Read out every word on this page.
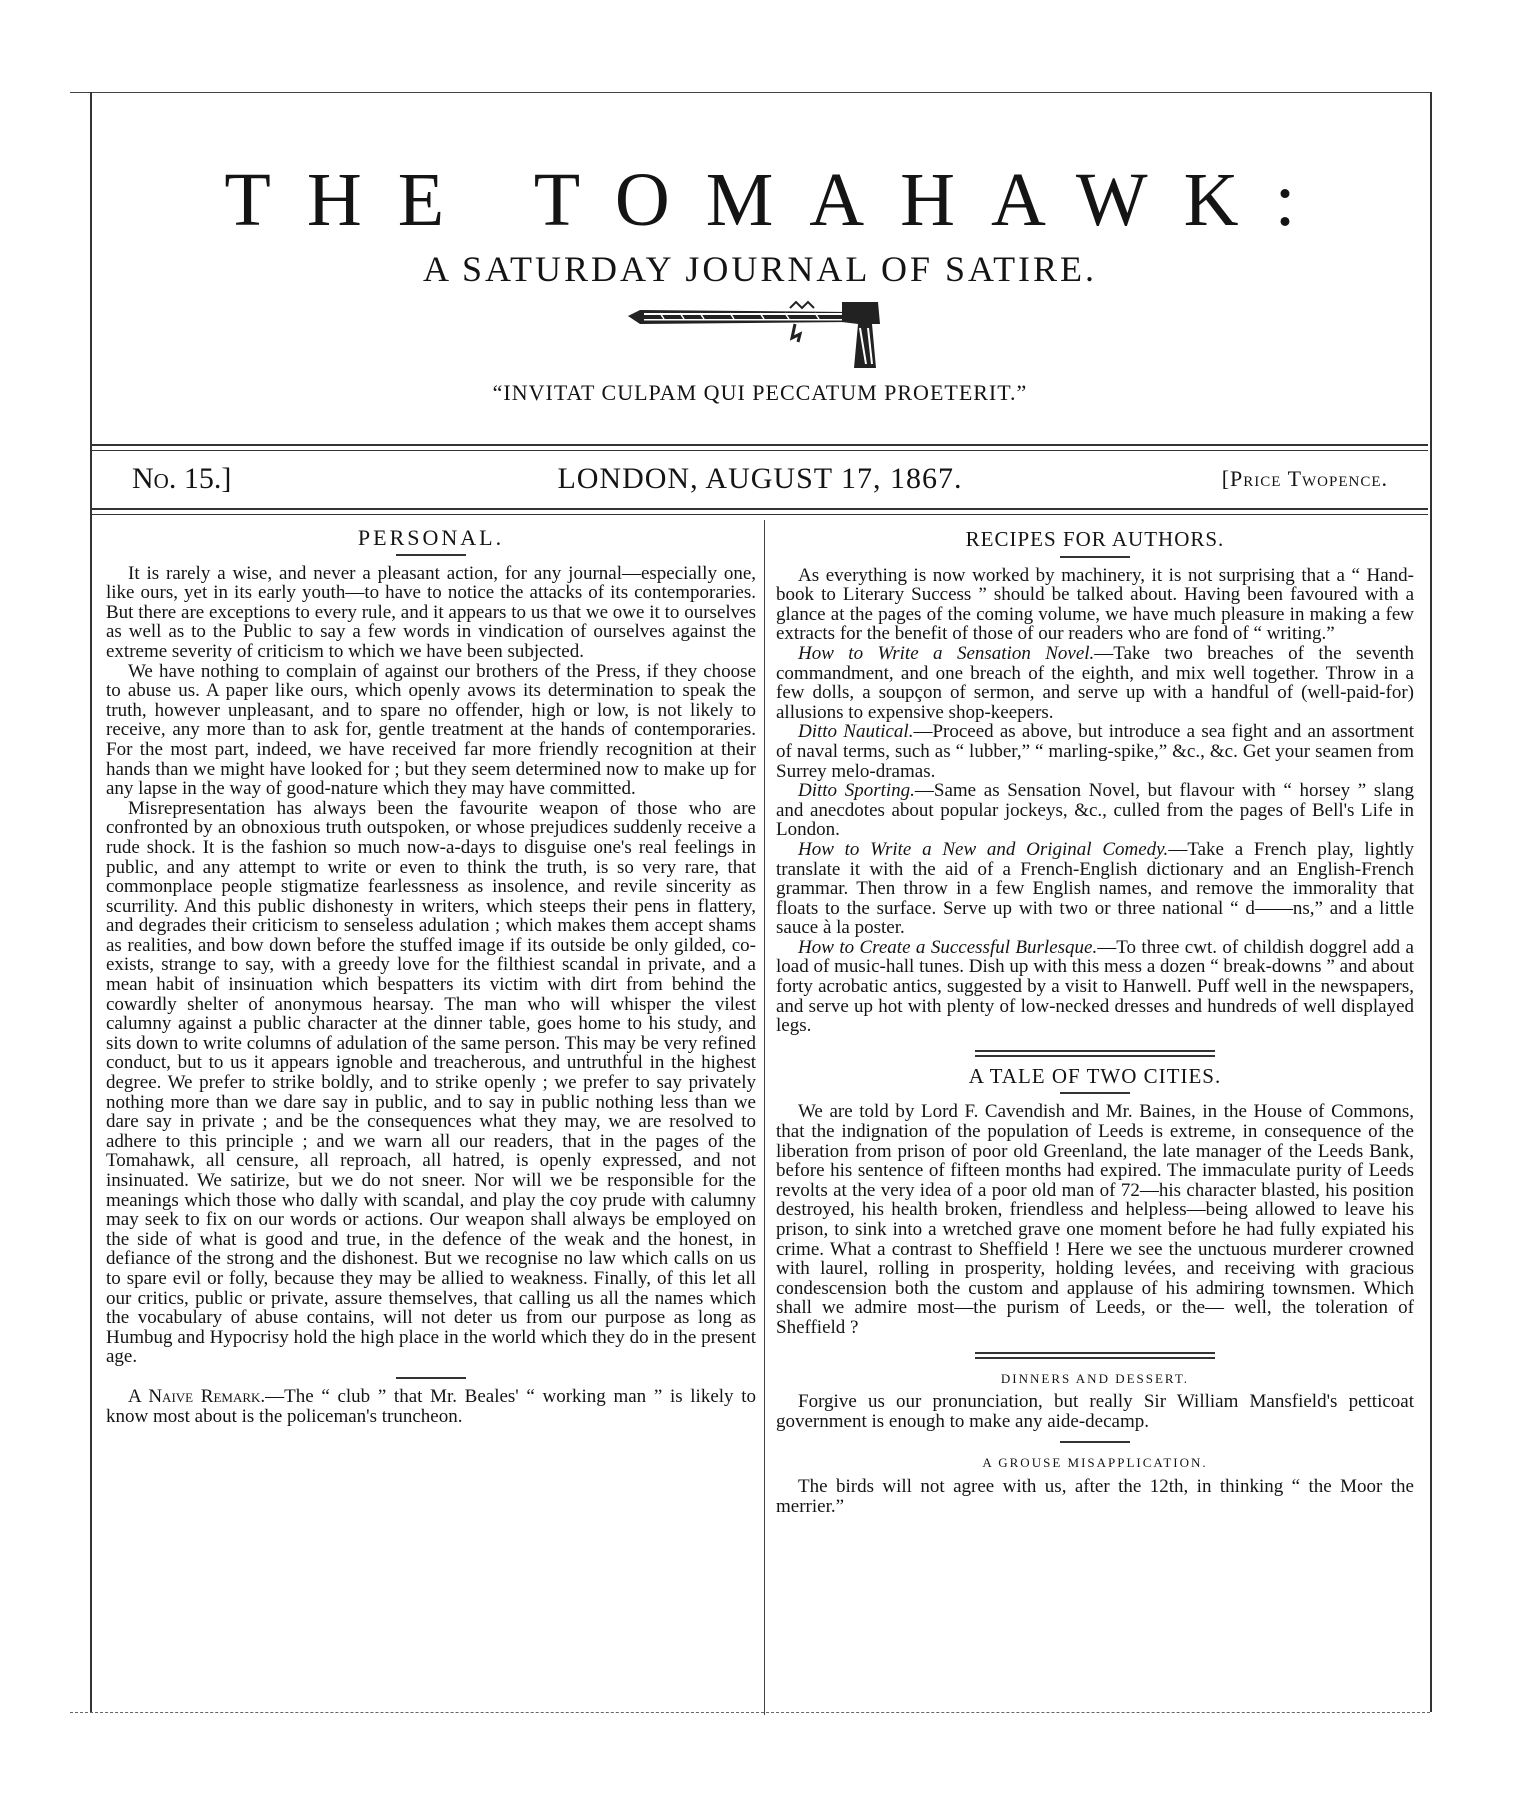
THE TOMAHAWK:
A SATURDAY JOURNAL OF SATIRE.
“INVITAT CULPAM QUI PECCATUM PROETERIT.”
No. 15.]	LONDON, AUGUST 17, 1867.	[Price Twopence.
PERSONAL.

It is rarely a wise, and never a pleasant action, for any journal—especially one, like ours, yet in its early youth—to have to notice the attacks of its contemporaries. But there are exceptions to every rule, and it appears to us that we owe it to ourselves as well as to the Public to say a few words in vindication of ourselves against the extreme severity of criticism to which we have been subjected.

We have nothing to complain of against our brothers of the Press, if they choose to abuse us. A paper like ours, which openly avows its determination to speak the truth, however unpleasant, and to spare no offender, high or low, is not likely to receive, any more than to ask for, gentle treatment at the hands of contemporaries. For the most part, indeed, we have received far more friendly recognition at their hands than we might have looked for ; but they seem determined now to make up for any lapse in the way of good-nature which they may have committed.

Misrepresentation has always been the favourite weapon of those who are confronted by an obnoxious truth outspoken, or whose prejudices suddenly receive a rude shock. It is the fashion so much now-a-days to disguise one's real feelings in public, and any attempt to write or even to think the truth, is so very rare, that commonplace people stigmatize fearlessness as insolence, and revile sincerity as scurrility. And this public dishonesty in writers, which steeps their pens in flattery, and degrades their criticism to senseless adulation ; which makes them accept shams as realities, and bow down before the stuffed image if its outside be only gilded, co-exists, strange to say, with a greedy love for the filthiest scandal in private, and a mean habit of insinuation which bespatters its victim with dirt from behind the cowardly shelter of anonymous hearsay. The man who will whisper the vilest calumny against a public character at the dinner table, goes home to his study, and sits down to write columns of adulation of the same person. This may be very refined conduct, but to us it appears ignoble and treacherous, and untruthful in the highest degree. We prefer to strike boldly, and to strike openly ; we prefer to say privately nothing more than we dare say in public, and to say in public nothing less than we dare say in private ; and be the consequences what they may, we are resolved to adhere to this principle ; and we warn all our readers, that in the pages of the Tomahawk, all censure, all reproach, all hatred, is openly expressed, and not insinuated. We satirize, but we do not sneer. Nor will we be responsible for the meanings which those who dally with scandal, and play the coy prude with calumny may seek to fix on our words or actions. Our weapon shall always be employed on the side of what is good and true, in the defence of the weak and the honest, in defiance of the strong and the dishonest. But we recognise no law which calls on us to spare evil or folly, because they may be allied to weakness. Finally, of this let all our critics, public or private, assure themselves, that calling us all the names which the vocabulary of abuse contains, will not deter us from our purpose as long as Humbug and Hypocrisy hold the high place in the world which they do in the present age.

A Naive Remark.—The “ club ” that Mr. Beales' “ working man ” is likely to know most about is the policeman's truncheon.

RECIPES FOR AUTHORS.

As everything is now worked by machinery, it is not surprising that a “ Hand-book to Literary Success ” should be talked about. Having been favoured with a glance at the pages of the coming volume, we have much pleasure in making a few extracts for the benefit of those of our readers who are fond of “ writing.”

How to Write a Sensation Novel.—Take two breaches of the seventh commandment, and one breach of the eighth, and mix well together. Throw in a few dolls, a soupçon of sermon, and serve up with a handful of (well-paid-for) allusions to expensive shop-keepers.

Ditto Nautical.—Proceed as above, but introduce a sea fight and an assortment of naval terms, such as “ lubber,” “ marling-spike,” &c., &c. Get your seamen from Surrey melo-dramas.

Ditto Sporting.—Same as Sensation Novel, but flavour with “ horsey ” slang and anecdotes about popular jockeys, &c., culled from the pages of Bell's Life in London.

How to Write a New and Original Comedy.—Take a French play, lightly translate it with the aid of a French-English dictionary and an English-French grammar. Then throw in a few English names, and remove the immorality that floats to the surface. Serve up with two or three national “ d——ns,” and a little sauce à la poster.

How to Create a Successful Burlesque.—To three cwt. of childish doggrel add a load of music-hall tunes. Dish up with this mess a dozen “ break-downs ” and about forty acrobatic antics, suggested by a visit to Hanwell. Puff well in the newspapers, and serve up hot with plenty of low-necked dresses and hundreds of well displayed legs.

A TALE OF TWO CITIES.

We are told by Lord F. Cavendish and Mr. Baines, in the House of Commons, that the indignation of the population of Leeds is extreme, in consequence of the liberation from prison of poor old Greenland, the late manager of the Leeds Bank, before his sentence of fifteen months had expired. The immaculate purity of Leeds revolts at the very idea of a poor old man of 72—his character blasted, his position destroyed, his health broken, friendless and helpless—being allowed to leave his prison, to sink into a wretched grave one moment before he had fully expiated his crime. What a contrast to Sheffield ! Here we see the unctuous murderer crowned with laurel, rolling in prosperity, holding levées, and receiving with gracious condescension both the custom and applause of his admiring townsmen. Which shall we admire most—the purism of Leeds, or the— well, the toleration of Sheffield ?

DINNERS AND DESSERT.

Forgive us our pronunciation, but really Sir William Mansfield's petticoat government is enough to make any aide-decamp.

A GROUSE MISAPPLICATION.

The birds will not agree with us, after the 12th, in thinking “ the Moor the merrier.”
